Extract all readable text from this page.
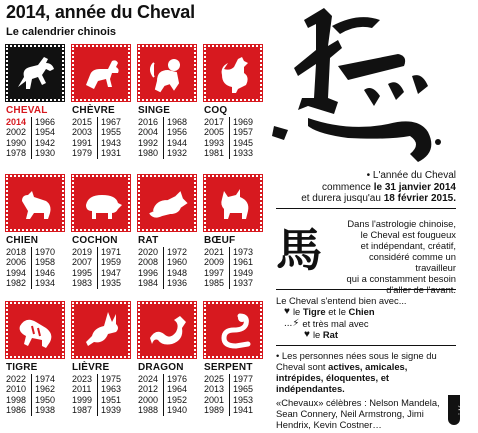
2014, année du Cheval
Le calendrier chinois
CHEVAL
2014 1966
2002 1954
1990 1942
1978 1930
CHÈVRE
2015 1967
2003 1955
1991 1943
1979 1931
SINGE
2016 1968
2004 1956
1992 1944
1980 1932
COQ
2017 1969
2005 1957
1993 1945
1981 1933
CHIEN
2018 1970
2006 1958
1994 1946
1982 1934
COCHON
2019 1971
2007 1959
1995 1947
1983 1935
RAT
2020 1972
2008 1960
1996 1948
1984 1936
BŒUF
2021 1973
2009 1961
1997 1949
1985 1937
TIGRE
2022 1974
2010 1962
1998 1950
1986 1938
LIÈVRE
2023 1975
2011	1963
1999 1951
1987 1939
DRAGON
2024 1976
2012 1964
2000 1952
1988 1940
SERPENT
2025 1977
2013 1965
2001 1953
1989 1941
• L'année du Cheval
commence le 31 janvier 2014
et durera jusqu'au 18 février 2015.
馬	Dans l'astrologie chinoise,
le Cheval est fougueux
et indépendant, créatif,
considéré comme un travailleur
qui a constamment besoin
Le Cheval s'entend bien avec...
♥ le Tigre et le Chien
...⚡ et très mal avec
♥ le Rat

• Les personnes nées sous le signe du Cheval sont actives, amicales, intrépides, éloquentes, et indépendantes.

«Chevaux» célèbres : Nelson Mandela, Sean Connery, Neil Armstrong, Jimi Hendrix, Kevin Costner…

idé
